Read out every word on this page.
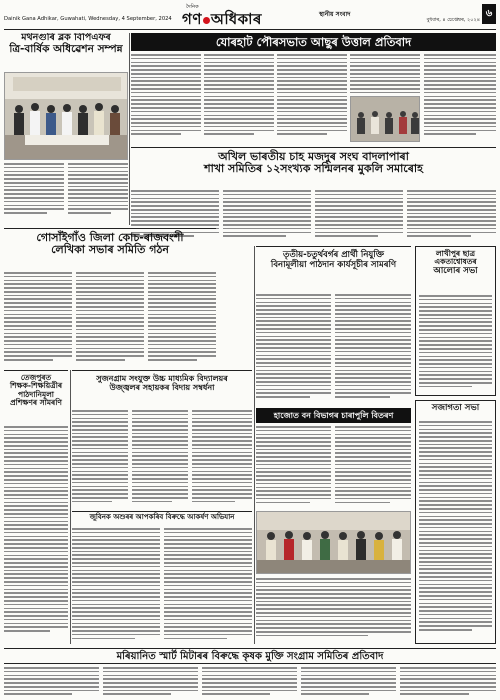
Dainik Gana Adhikar, Guwahati, Wednesday, 4 September, 2024
দৈনিক
গণ অধিকাৰ	স্থানীয় সংবাদ
বুধবাৰ, ৪ চেপ্তেম্বৰ, ২০২৪
৬
মথনগুৰি ব্লক বিপিএফৰ
ত্ৰি-বাৰ্ষিক অধিৱেশন সম্পন্ন	যোৰহাট পৌৰসভাত আছুৰ উত্তাল প্ৰতিবাদ
অখিল ভাৰতীয় চাহ মজদুৰ সংঘ বাদলাপাৰা
শাখা সমিতিৰ ১২সংখ্যক সন্মিলনৰ মুকলি সমাৰোহ
গোসাঁইগাঁও জিলা কোচ-ৰাজবংশী
লেখিকা সভাৰ সমিতি গঠন
তেজপুৰত
শিক্ষক-শিক্ষয়িত্ৰীৰ
পাঠদানিমূলা
প্ৰশিক্ষণৰ সামৰণি
সুজনগ্ৰাম সংযুক্ত উচ্চ মাধ্যমিক বিদ্যালয়ৰ
উজ্জ্বলৰ সহায়কৰ বিদায় সম্বৰ্ধনা
জুবিনক অশুৰৰ আপকৰিব বিৰুদ্ধে আকৰ্ষণ অভিযান
তৃতীয়-চতুৰ্থবৰ্গৰ প্ৰাৰ্থী নিযুক্তি
বিনামূলীয়া পাঠদান কাৰ্যসূচীৰ সামৰণি
হাজোত বন বিভাগৰ চাৰাপুলি বিতৰণ
লাখীপুৰ ছাত্ৰ
একতাশ্বোষতৰ
আলোৰ সভা
সজাগতা সভা
মৰিয়ানিত স্মাৰ্ট মিটাৰৰ বিৰুদ্ধে কৃষক মুক্তি সংগ্ৰাম সমিতিৰ প্ৰতিবাদ
